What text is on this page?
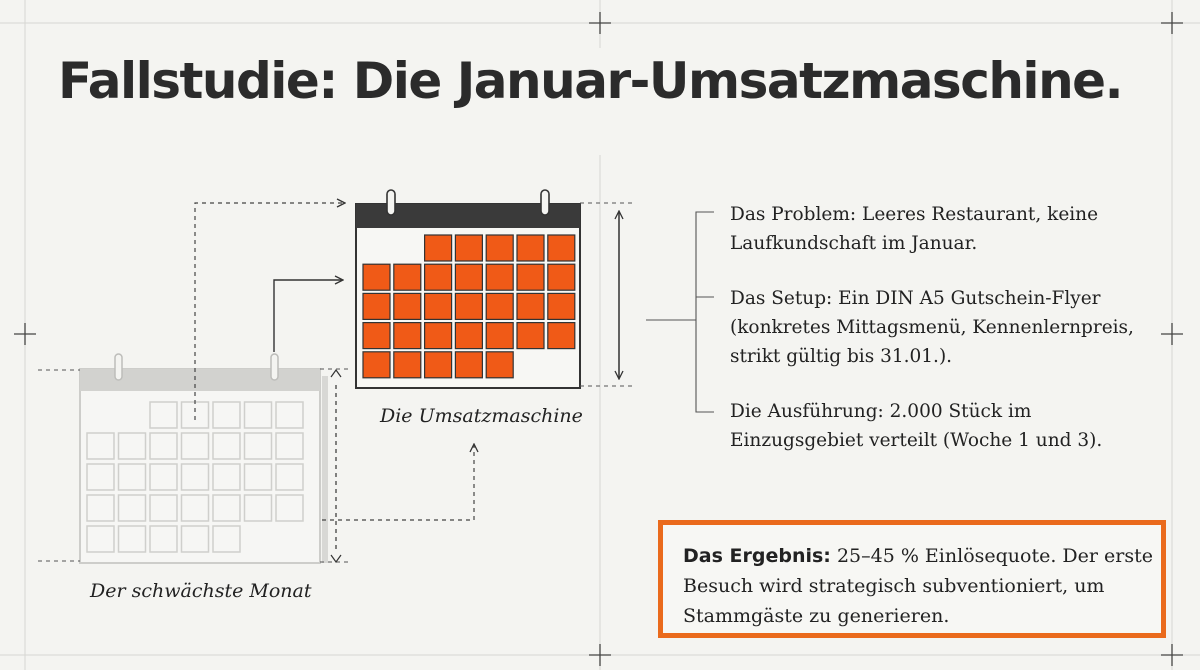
Fallstudie: Die Januar-Umsatzmaschine.
Der schwächste Monat
Die Umsatzmaschine
Das Problem: Leeres Restaurant, keine Laufkundschaft im Januar.
Das Setup: Ein DIN A5 Gutschein-Flyer (konkretes Mittagsmenü, Kennenlernpreis, strikt gültig bis 31.01.).
Die Ausführung: 2.000 Stück im Einzugsgebiet verteilt (Woche 1 und 3).
Das Ergebnis: 25–45 % Einlösequote. Der erste Besuch wird strategisch subventioniert, um Stammgäste zu generieren.
